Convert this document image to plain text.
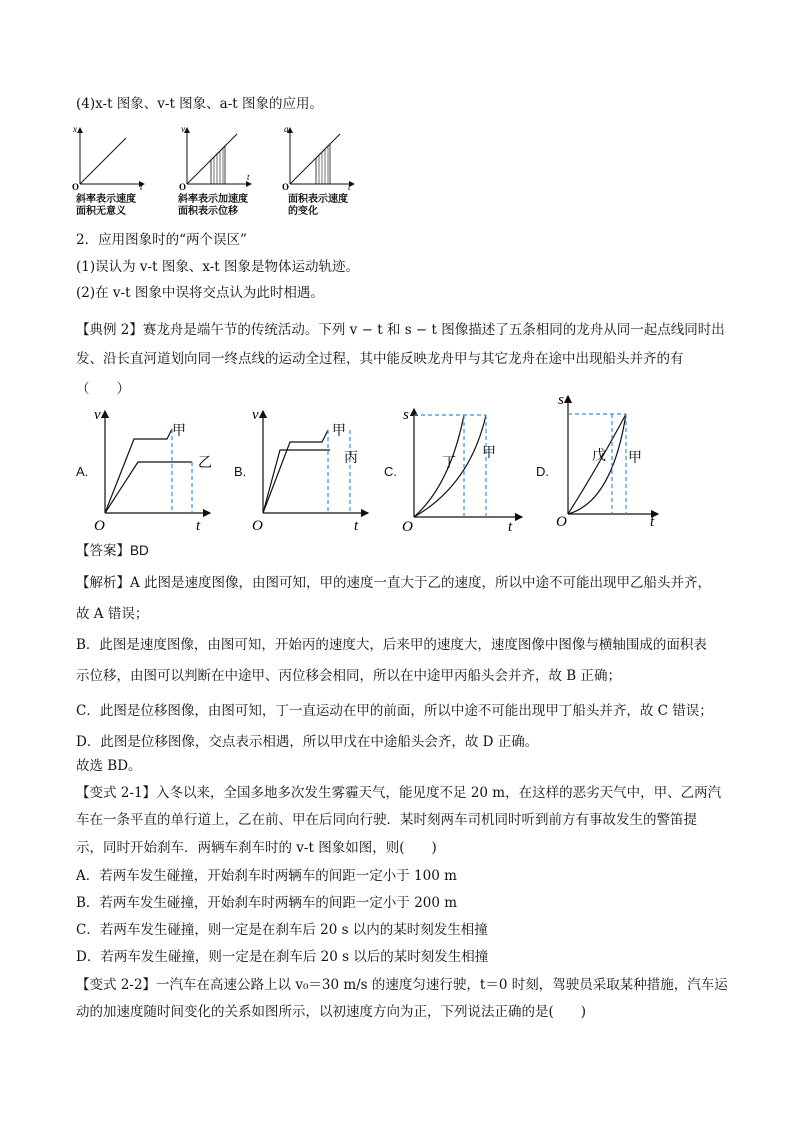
(4)x-t 图象、v-t 图象、a-t 图象的应用。
x
t
O
v
t
O
a
t
O
斜率表示速度
面积无意义
斜率表示加速度
面积表示位移
面积表示速度
的变化
2．应用图象时的“两个误区”
(1)误认为 v-t 图象、x-t 图象是物体运动轨迹。
(2)在 v-t 图象中误将交点认为此时相遇。
【典例 2】赛龙舟是端午节的传统活动。下列 v − t 和 s − t 图像描述了五条相同的龙舟从同一起点线同时出
发、沿长直河道划向同一终点线的运动全过程，其中能反映龙舟甲与其它龙舟在途中出现船头并齐的有
（　　）
A.
v
t
O
甲
乙
B.
v
t
O
甲
丙
C.
s
t
O
丁
甲
D.
s
t
O
戊 甲
【答案】BD
【解析】A 此图是速度图像，由图可知，甲的速度一直大于乙的速度，所以中途不可能出现甲乙船头并齐，
故 A 错误；
B．此图是速度图像，由图可知，开始丙的速度大，后来甲的速度大，速度图像中图像与横轴围成的面积表
示位移，由图可以判断在中途甲、丙位移会相同，所以在中途甲丙船头会并齐，故 B 正确；
C．此图是位移图像，由图可知，丁一直运动在甲的前面，所以中途不可能出现甲丁船头并齐，故 C 错误；
D．此图是位移图像，交点表示相遇，所以甲戊在中途船头会齐，故 D 正确。
故选 BD。
【变式 2-1】入冬以来，全国多地多次发生雾霾天气，能见度不足 20 m，在这样的恶劣天气中，甲、乙两汽
车在一条平直的单行道上，乙在前、甲在后同向行驶．某时刻两车司机同时听到前方有事故发生的警笛提
示，同时开始刹车．两辆车刹车时的 v-t 图象如图，则(　　)
A．若两车发生碰撞，开始刹车时两辆车的间距一定小于 100 m
B．若两车发生碰撞，开始刹车时两辆车的间距一定小于 200 m
C．若两车发生碰撞，则一定是在刹车后 20 s 以内的某时刻发生相撞
D．若两车发生碰撞，则一定是在刹车后 20 s 以后的某时刻发生相撞
【变式 2-2】一汽车在高速公路上以 v₀＝30 m/s 的速度匀速行驶，t＝0 时刻，驾驶员采取某种措施，汽车运
动的加速度随时间变化的关系如图所示，以初速度方向为正，下列说法正确的是(　　)
